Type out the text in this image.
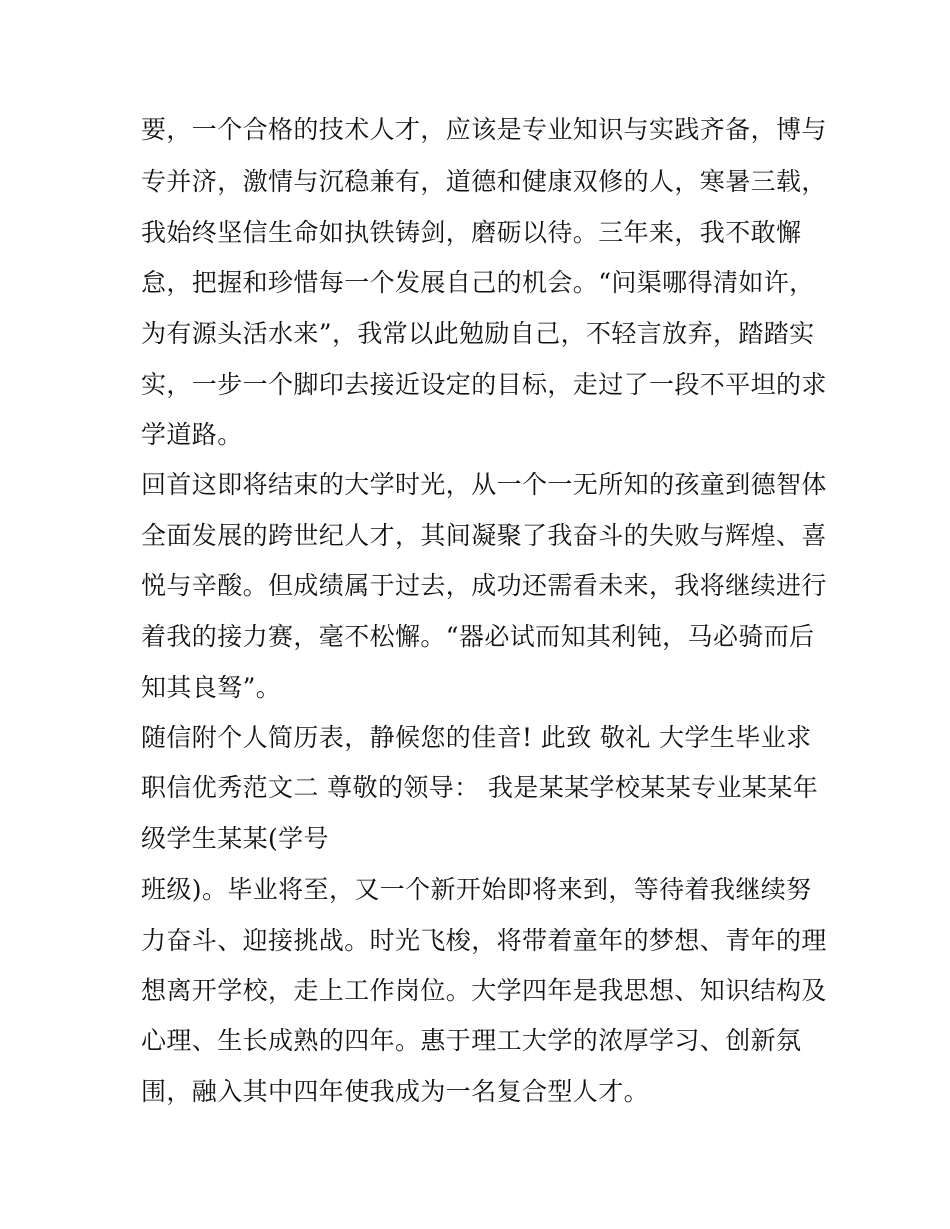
要，一个合格的技术人才，应该是专业知识与实践齐备，博与

专并济，激情与沉稳兼有，道德和健康双修的人，寒暑三载，

我始终坚信生命如执铁铸剑，磨砺以待。三年来，我不敢懈

怠，把握和珍惜每一个发展自己的机会。“问渠哪得清如许，

为有源头活水来”，我常以此勉励自己，不轻言放弃，踏踏实

实，一步一个脚印去接近设定的目标，走过了一段不平坦的求

学道路。

回首这即将结束的大学时光，从一个一无所知的孩童到德智体

全面发展的跨世纪人才，其间凝聚了我奋斗的失败与辉煌、喜

悦与辛酸。但成绩属于过去，成功还需看未来，我将继续进行

着我的接力赛，毫不松懈。“器必试而知其利钝，马必骑而后

知其良驽”。

随信附个人简历表，静候您的佳音! 此致 敬礼 大学生毕业求

职信优秀范文二 尊敬的领导： 我是某某学校某某专业某某年

级学生某某(学号

班级)。毕业将至，又一个新开始即将来到，等待着我继续努

力奋斗、迎接挑战。时光飞梭，将带着童年的梦想、青年的理

想离开学校，走上工作岗位。大学四年是我思想、知识结构及

心理、生长成熟的四年。惠于理工大学的浓厚学习、创新氛

围，融入其中四年使我成为一名复合型人才。
